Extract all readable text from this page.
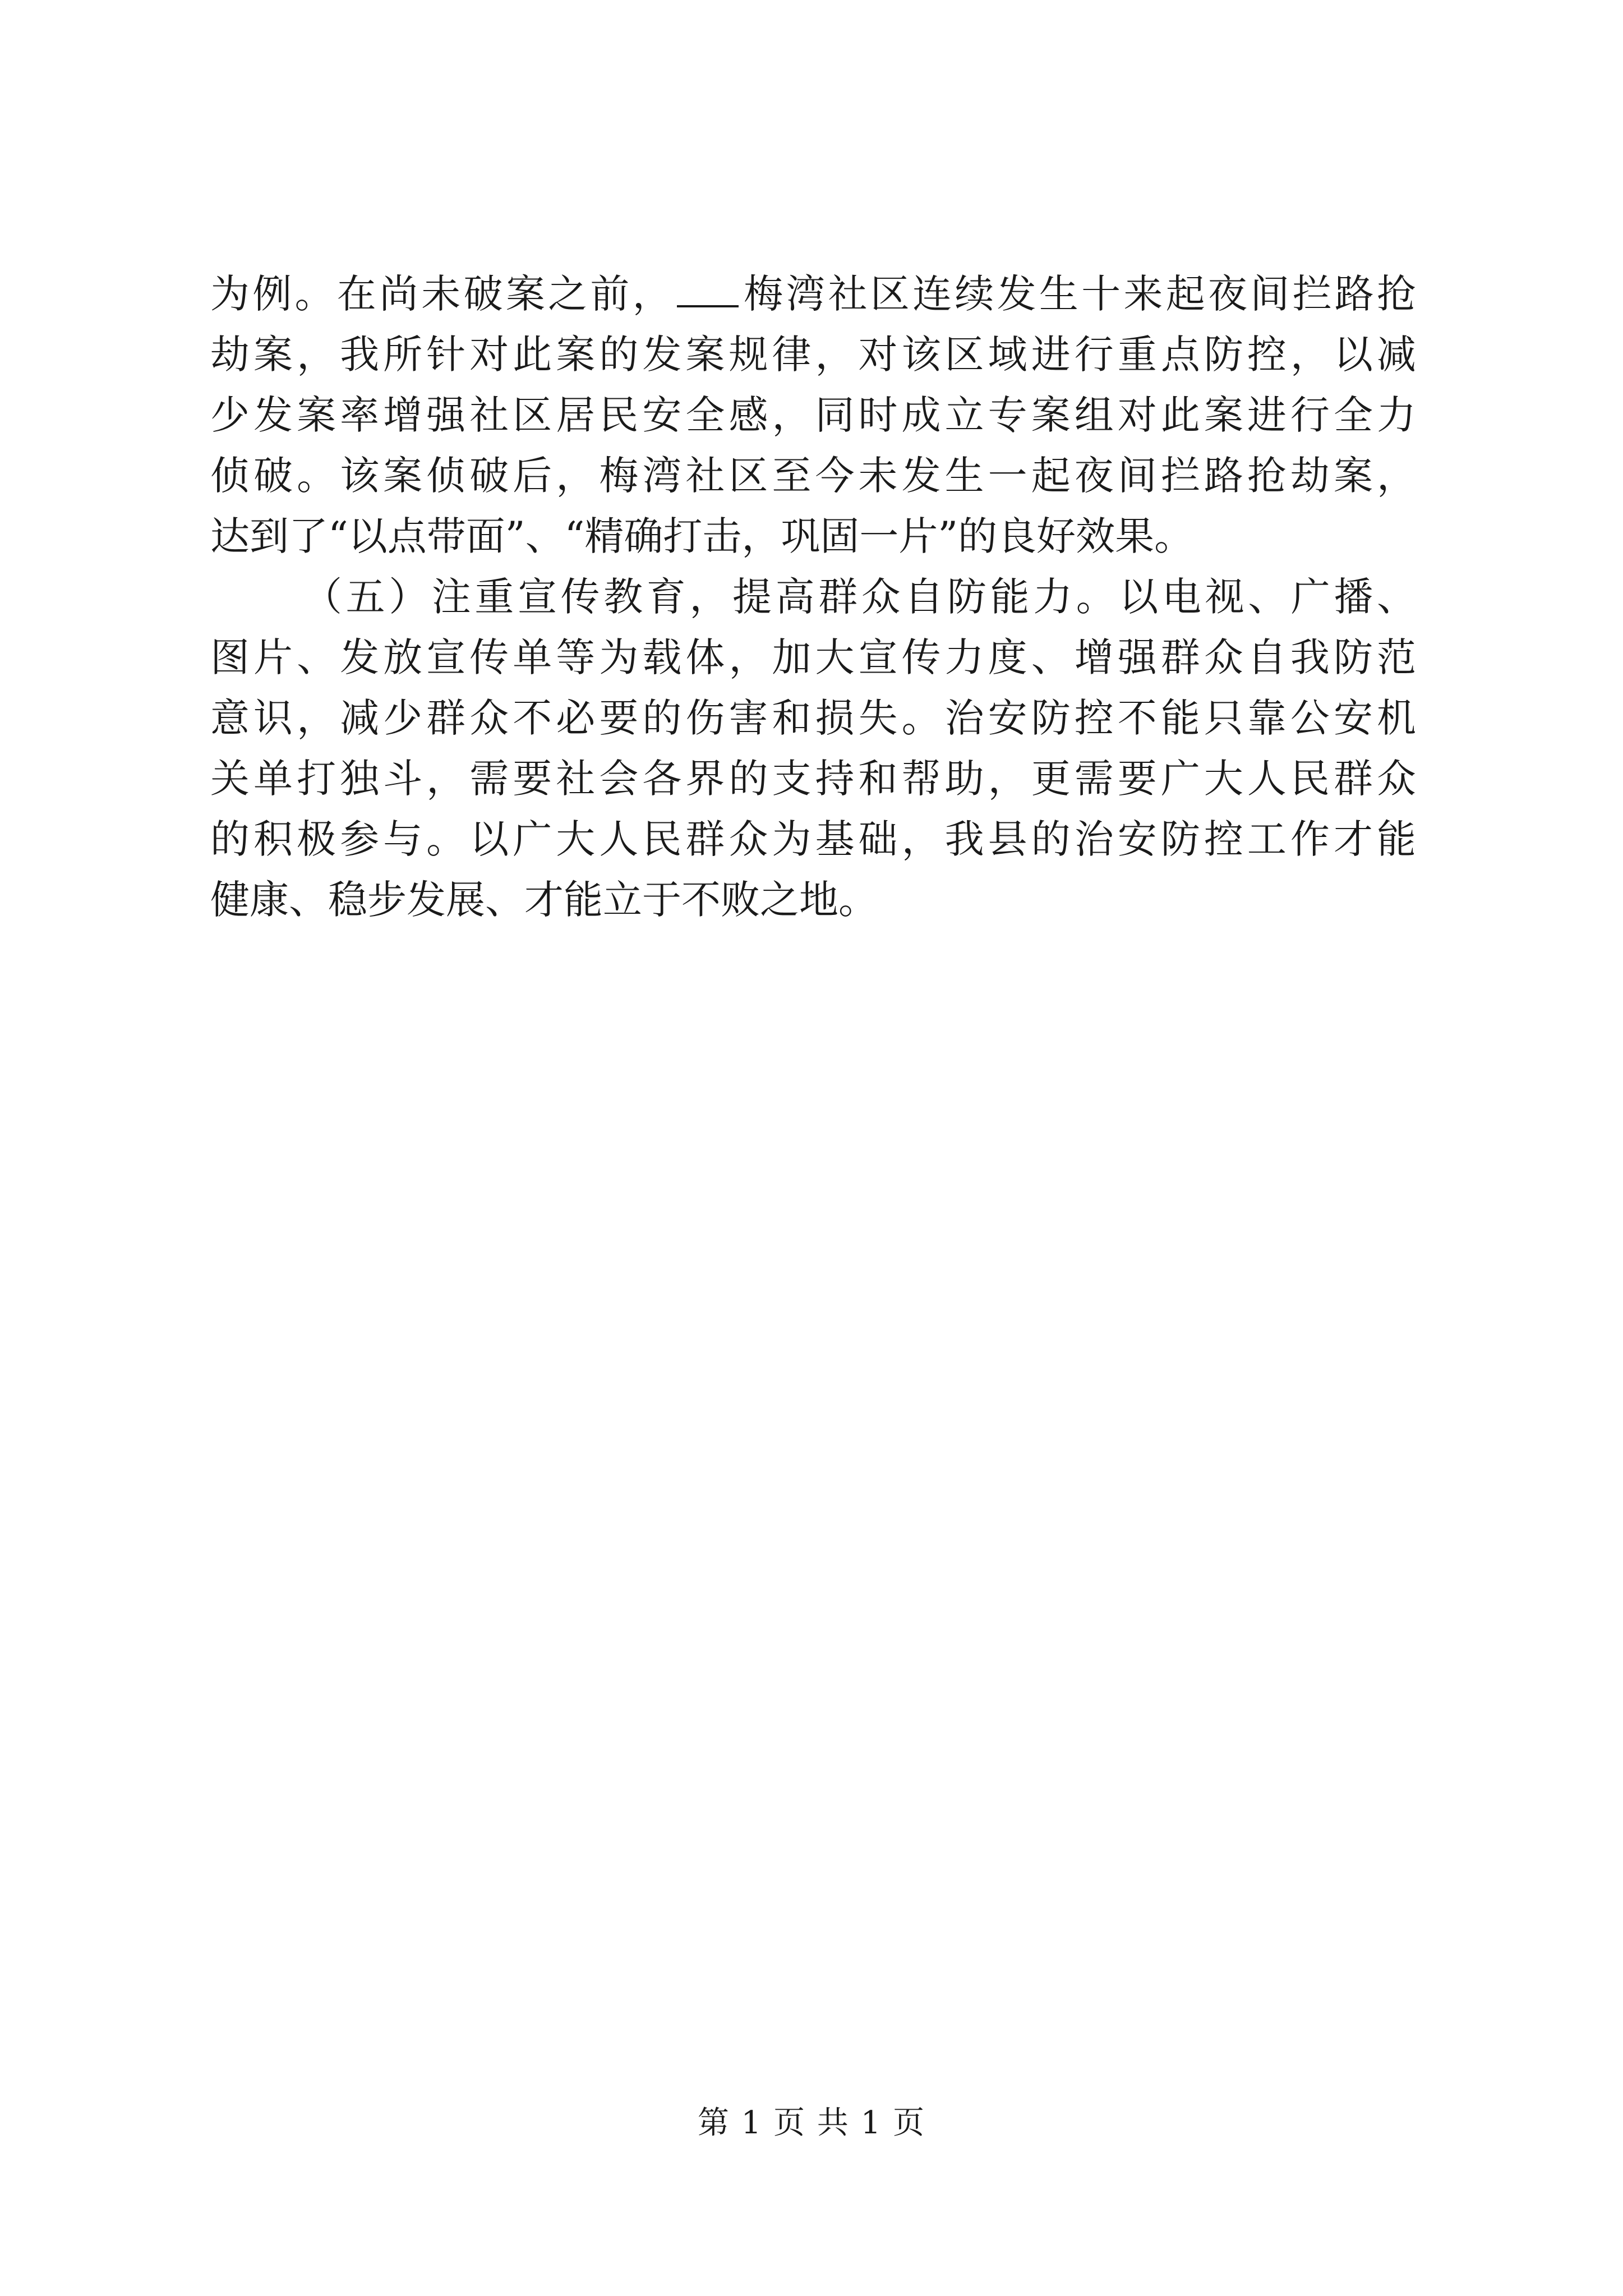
为例。在尚未破案之前， 梅湾社区连续发生十来起夜间拦路抢
劫案，我所针对此案的发案规律，对该区域进行重点防控，以减
少发案率增强社区居民安全感，同时成立专案组对此案进行全力
侦破。该案侦破后，梅湾社区至今未发生一起夜间拦路抢劫案，
达到了“以点带面”、“精确打击，巩固一片”的良好效果。
（五）注重宣传教育，提高群众自防能力。以电视、广播、
图片、发放宣传单等为载体，加大宣传力度、增强群众自我防范
意识，减少群众不必要的伤害和损失。治安防控不能只靠公安机
关单打独斗，需要社会各界的支持和帮助，更需要广大人民群众
的积极参与。以广大人民群众为基础，我县的治安防控工作才能
健康、稳步发展、才能立于不败之地。
第 1 页 共 1 页
